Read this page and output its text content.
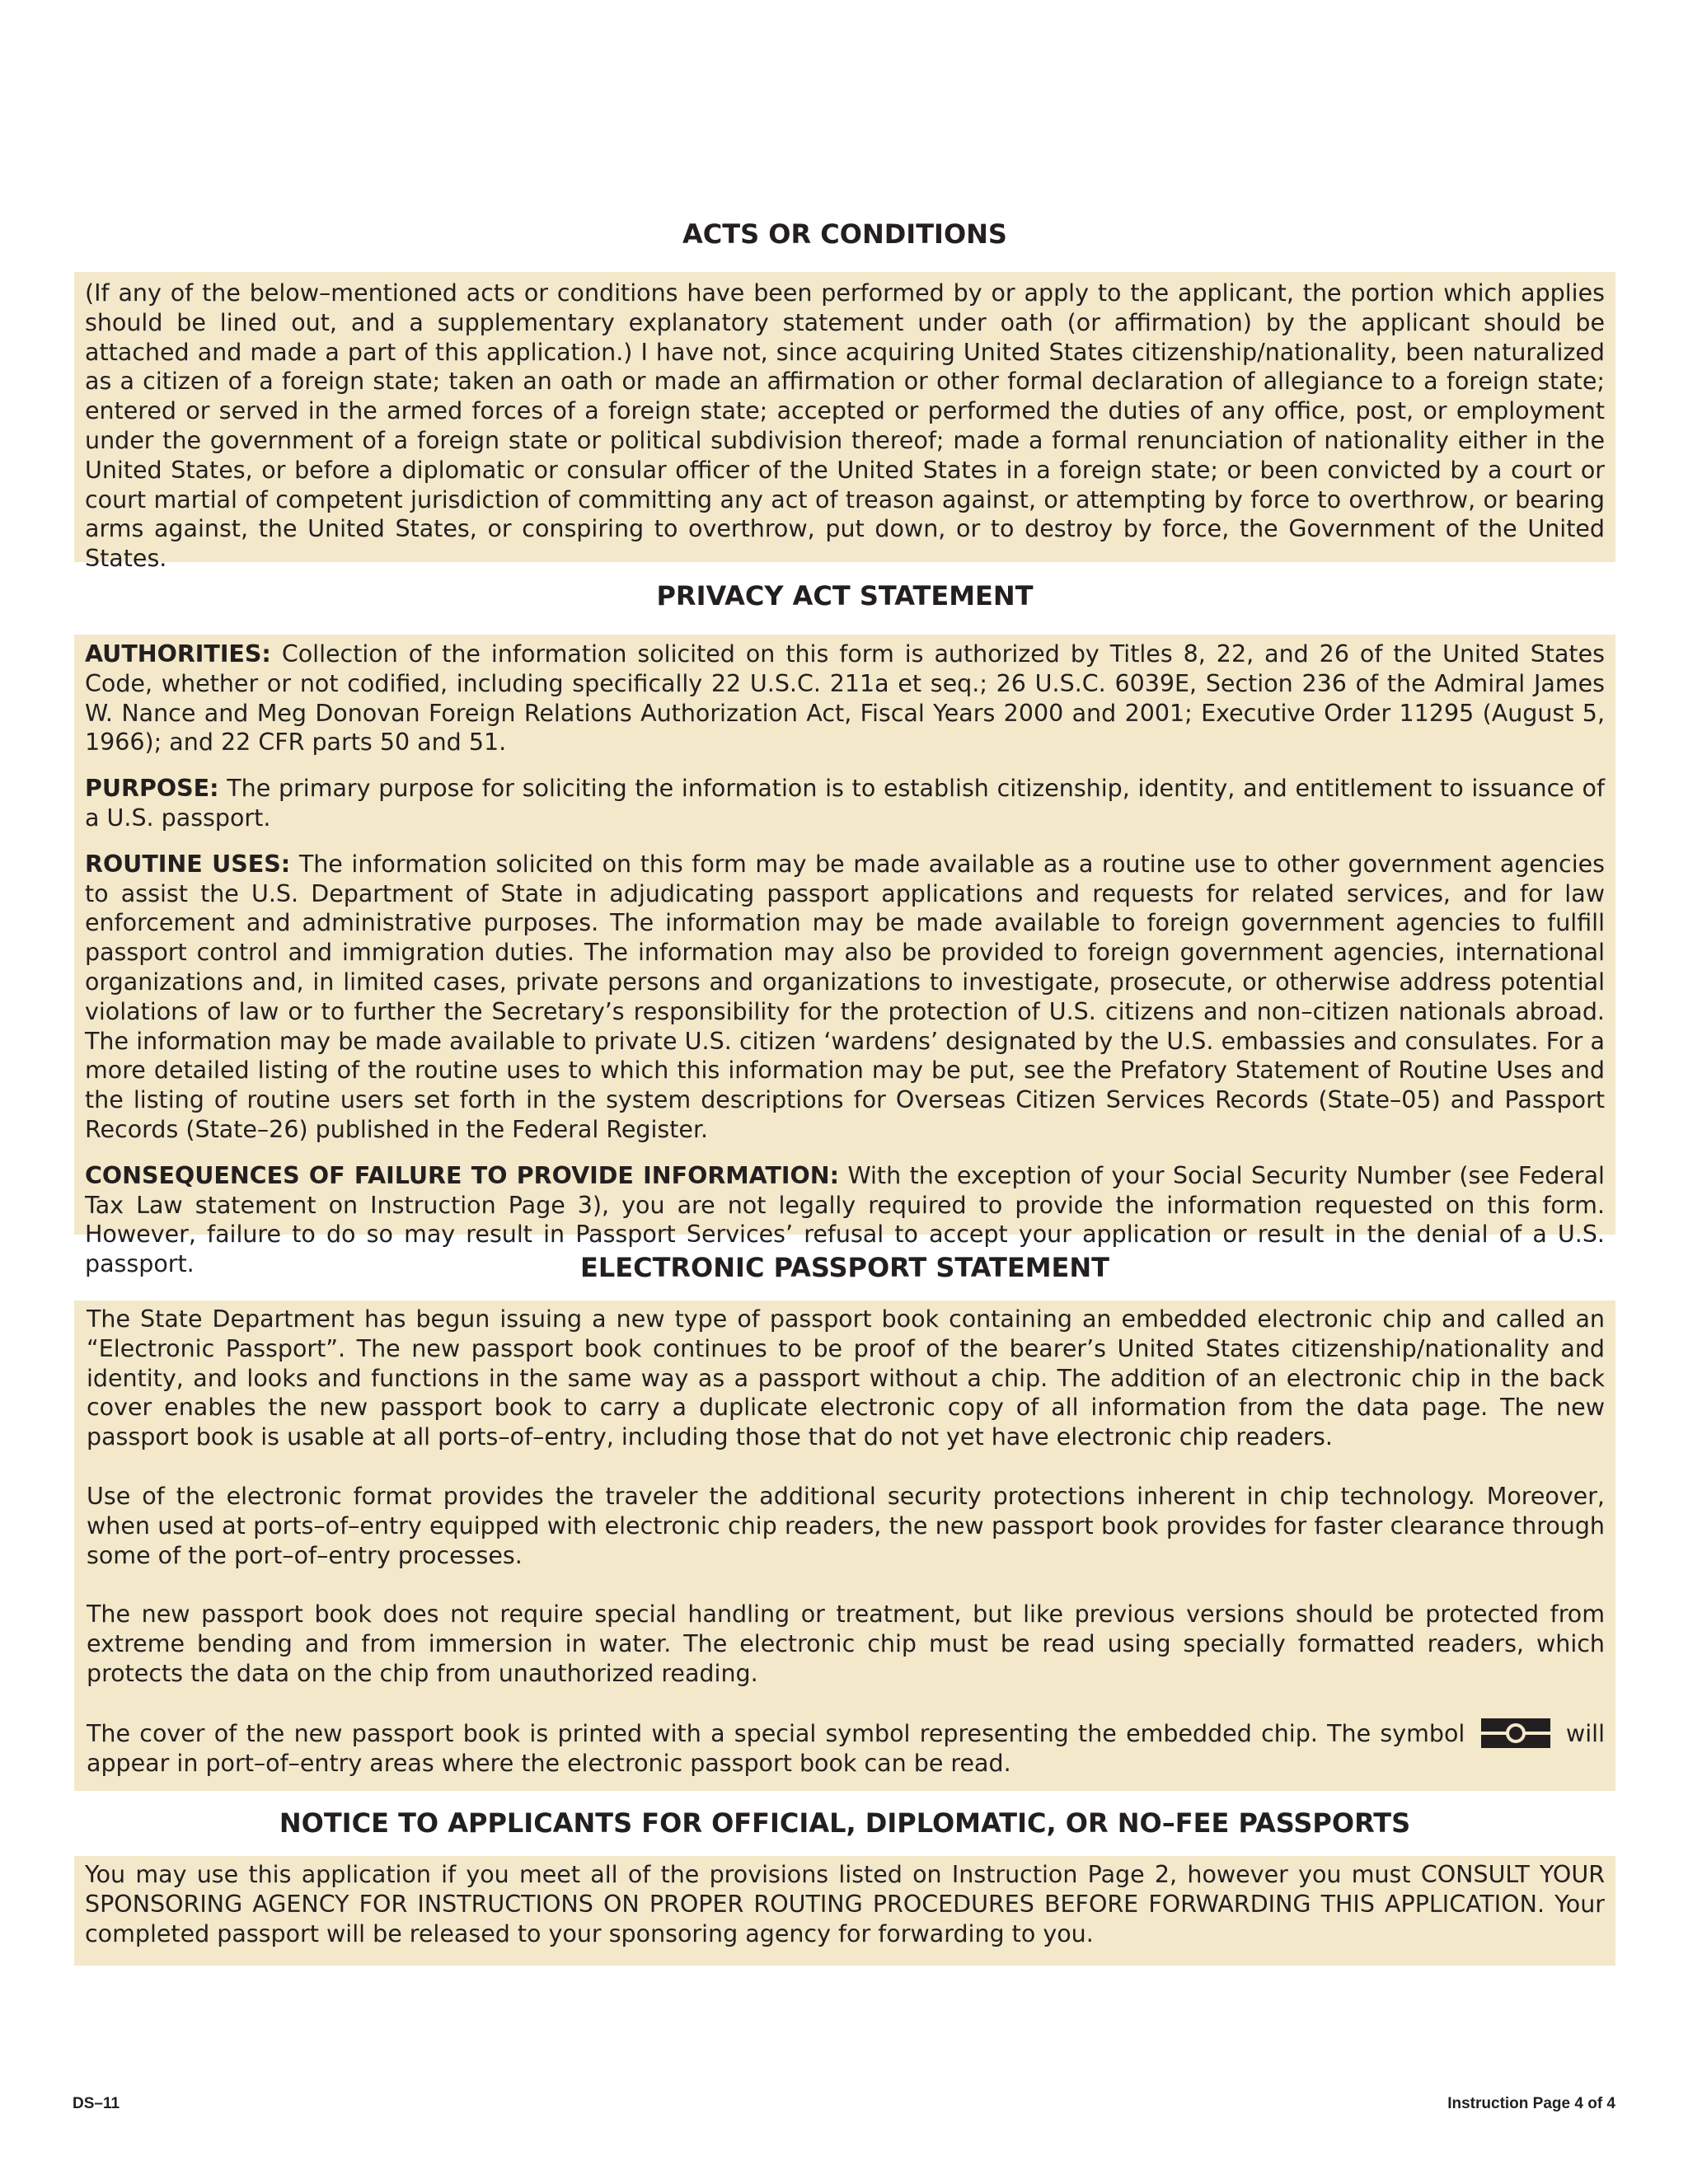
ACTS OR CONDITIONS

(If any of the below–mentioned acts or conditions have been performed by or apply to the applicant, the portion which applies should be lined out, and a supplementary explanatory statement under oath (or affirmation) by the applicant should be attached and made a part of this application.) I have not, since acquiring United States citizenship/nationality, been naturalized as a citizen of a foreign state; taken an oath or made an affirmation or other formal declaration of allegiance to a foreign state; entered or served in the armed forces of a foreign state; accepted or performed the duties of any office, post, or employment under the government of a foreign state or political subdivision thereof; made a formal renunciation of nationality either in the United States, or before a diplomatic or consular officer of the United States in a foreign state; or been convicted by a court or court martial of competent jurisdiction of committing any act of treason against, or attempting by force to overthrow, or bearing arms against, the United States, or conspiring to overthrow, put down, or to destroy by force, the Government of the United States.

PRIVACY ACT STATEMENT

AUTHORITIES: Collection of the information solicited on this form is authorized by Titles 8, 22, and 26 of the United States Code, whether or not codified, including specifically 22 U.S.C. 211a et seq.; 26 U.S.C. 6039E, Section 236 of the Admiral James W. Nance and Meg Donovan Foreign Relations Authorization Act, Fiscal Years 2000 and 2001; Executive Order 11295 (August 5, 1966); and 22 CFR parts 50 and 51.

PURPOSE: The primary purpose for soliciting the information is to establish citizenship, identity, and entitlement to issuance of a U.S. passport.

ROUTINE USES: The information solicited on this form may be made available as a routine use to other government agencies to assist the U.S. Department of State in adjudicating passport applications and requests for related services, and for law enforcement and administrative purposes. The information may be made available to foreign government agencies to fulfill passport control and immigration duties. The information may also be provided to foreign government agencies, international organizations and, in limited cases, private persons and organizations to investigate, prosecute, or otherwise address potential violations of law or to further the Secretary’s responsibility for the protection of U.S. citizens and non–citizen nationals abroad. The information may be made available to private U.S. citizen ‘wardens’ designated by the U.S. embassies and consulates. For a more detailed listing of the routine uses to which this information may be put, see the Prefatory Statement of Routine Uses and the listing of routine users set forth in the system descriptions for Overseas Citizen Services Records (State–05) and Passport Records (State–26) published in the Federal Register.

CONSEQUENCES OF FAILURE TO PROVIDE INFORMATION: With the exception of your Social Security Number (see Federal Tax Law statement on Instruction Page 3), you are not legally required to provide the information requested on this form. However, failure to do so may result in Passport Services’ refusal to accept your application or result in the denial of a U.S. passport.	ELECTRONIC PASSPORT STATEMENT

The State Department has begun issuing a new type of passport book containing an embedded electronic chip and called an “Electronic Passport”. The new passport book continues to be proof of the bearer’s United States citizenship/nationality and identity, and looks and functions in the same way as a passport without a chip. The addition of an electronic chip in the back cover enables the new passport book to carry a duplicate electronic copy of all information from the data page. The new passport book is usable at all ports–of–entry, including those that do not yet have electronic chip readers.

Use of the electronic format provides the traveler the additional security protections inherent in chip technology. Moreover, when used at ports–of–entry equipped with electronic chip readers, the new passport book provides for faster clearance through some of the port–of–entry processes.

The new passport book does not require special handling or treatment, but like previous versions should be protected from extreme bending and from immersion in water. The electronic chip must be read using specially formatted readers, which protects the data on the chip from unauthorized reading.

The cover of the new passport book is printed with a special symbol representing the embedded chip. The symbol	will appear in port–of–entry areas where the electronic passport book can be read.

NOTICE TO APPLICANTS FOR OFFICIAL, DIPLOMATIC, OR NO–FEE PASSPORTS

You may use this application if you meet all of the provisions listed on Instruction Page 2, however you must CONSULT YOUR SPONSORING AGENCY FOR INSTRUCTIONS ON PROPER ROUTING PROCEDURES BEFORE FORWARDING THIS APPLICATION. Your completed passport will be released to your sponsoring agency for forwarding to you.

DS–11	Instruction Page 4 of 4
